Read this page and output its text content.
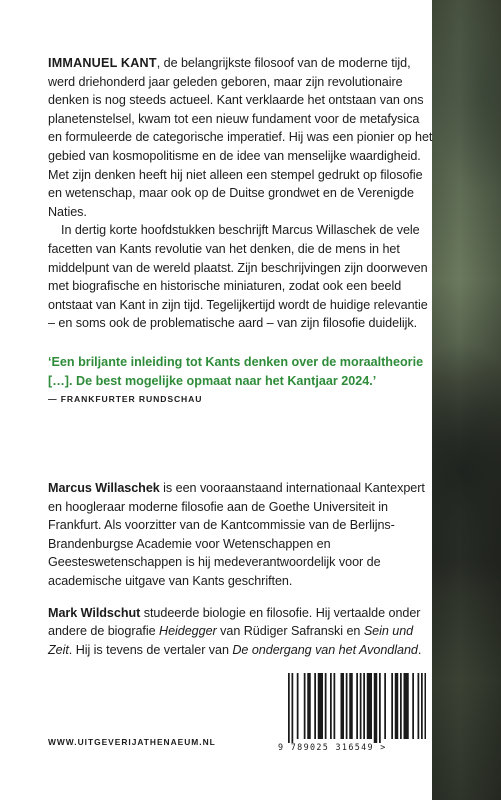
IMMANUEL KANT, de belangrijkste filosoof van de moderne tijd, werd driehonderd jaar geleden geboren, maar zijn revolutionaire denken is nog steeds actueel. Kant verklaarde het ontstaan van ons planetenstelsel, kwam tot een nieuw fundament voor de metafysica en formuleerde de categorische imperatief. Hij was een pionier op het gebied van kosmopolitisme en de idee van menselijke waardigheid. Met zijn denken heeft hij niet alleen een stempel gedrukt op filosofie en wetenschap, maar ook op de Duitse grondwet en de Verenigde Naties.

In dertig korte hoofdstukken beschrijft Marcus Willaschek de vele facetten van Kants revolutie van het denken, die de mens in het middelpunt van de wereld plaatst. Zijn beschrijvingen zijn doorweven met biografische en historische miniaturen, zodat ook een beeld ontstaat van Kant in zijn tijd. Tegelijkertijd wordt de huidige relevantie – en soms ook de problematische aard – van zijn filosofie duidelijk.

‘Een briljante inleiding tot Kants denken over de moraaltheorie […]. De best mogelijke opmaat naar het Kantjaar 2024.’
— FRANKFURTER RUNDSCHAU

Marcus Willaschek is een vooraanstaand internationaal Kantexpert en hoogleraar moderne filosofie aan de Goethe Universiteit in Frankfurt. Als voorzitter van de Kantcommissie van de Berlijns-Brandenburgse Academie voor Wetenschappen en Geesteswetenschappen is hij medeverantwoordelijk voor de academische uitgave van Kants geschriften.

Mark Wildschut studeerde biologie en filosofie. Hij vertaalde onder andere de biografie Heidegger van Rüdiger Safranski en Sein und Zeit. Hij is tevens de vertaler van De ondergang van het Avondland.

WWW.UITGEVERIJATHENAEUM.NL	9 789025 316549 >
